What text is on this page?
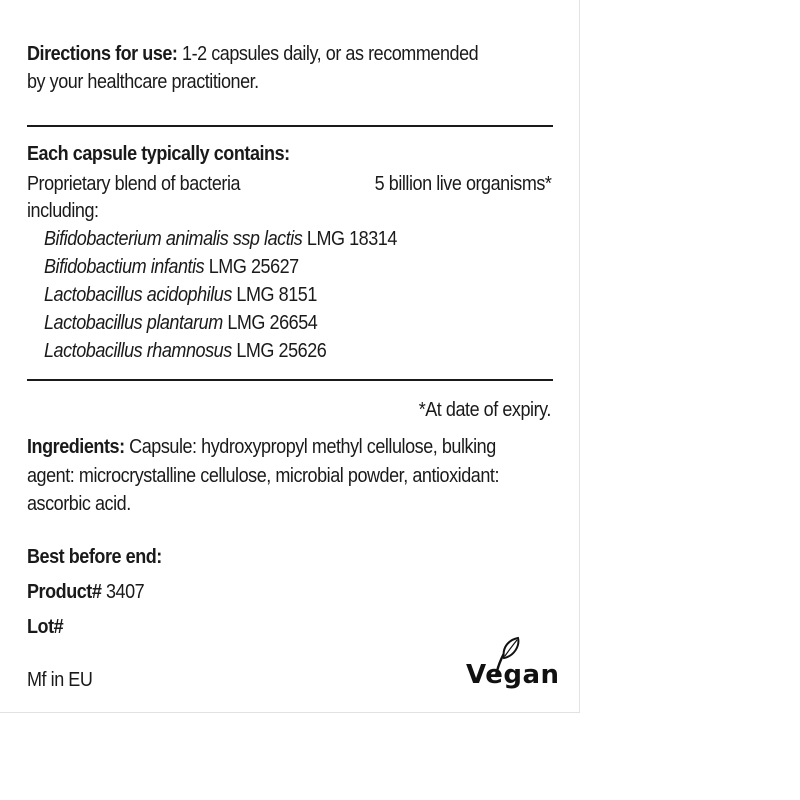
Directions for use: 1-2 capsules daily, or as recommended
by your healthcare practitioner.
Each capsule typically contains:
Proprietary blend of bacteria	5 billion live organisms*
including:
Bifidobacterium animalis ssp lactis LMG 18314
Bifidobactium infantis LMG 25627
Lactobacillus acidophilus LMG 8151
Lactobacillus plantarum LMG 26654
Lactobacillus rhamnosus LMG 25626
*At date of expiry.
Ingredients: Capsule: hydroxypropyl methyl cellulose, bulking
agent: microcrystalline cellulose, microbial powder, antioxidant:
ascorbic acid.
Best before end:
Product# 3407
Lot#
Mf in EU	Vegan
